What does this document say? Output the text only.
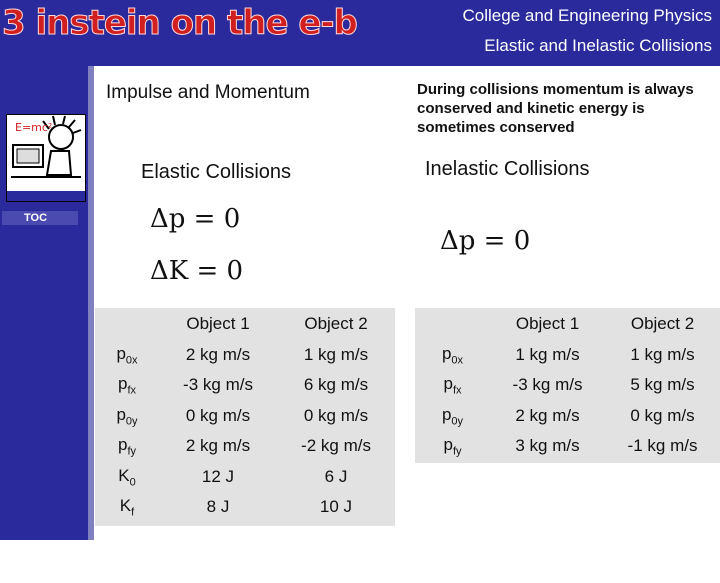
3 instein on the e-b	College and Engineering Physics
Elastic and Inelastic Collisions
E=mc²
TOC
13
Impulse and Momentum	During collisions momentum is always conserved and kinetic energy is sometimes conserved
Elastic Collisions	Inelastic Collisions
Δp = 0
ΔK = 0
Δp = 0
	Object 1	Object 2
$p_{0x}$	2 kg m/s	1 kg m/s
$p_{fx}$	-3 kg m/s	6 kg m/s
$p_{0y}$	0 kg m/s	0 kg m/s
$p_{fy}$	2 kg m/s	-2 kg m/s
$K_0$	12 J	6 J
$K_f$	8 J	10 J
	Object 1	Object 2
$p_{0x}$	1 kg m/s	1 kg m/s
$p_{fx}$	-3 kg m/s	5 kg m/s
$p_{0y}$	2 kg m/s	0 kg m/s
$p_{fy}$	3 kg m/s	-1 kg m/s
